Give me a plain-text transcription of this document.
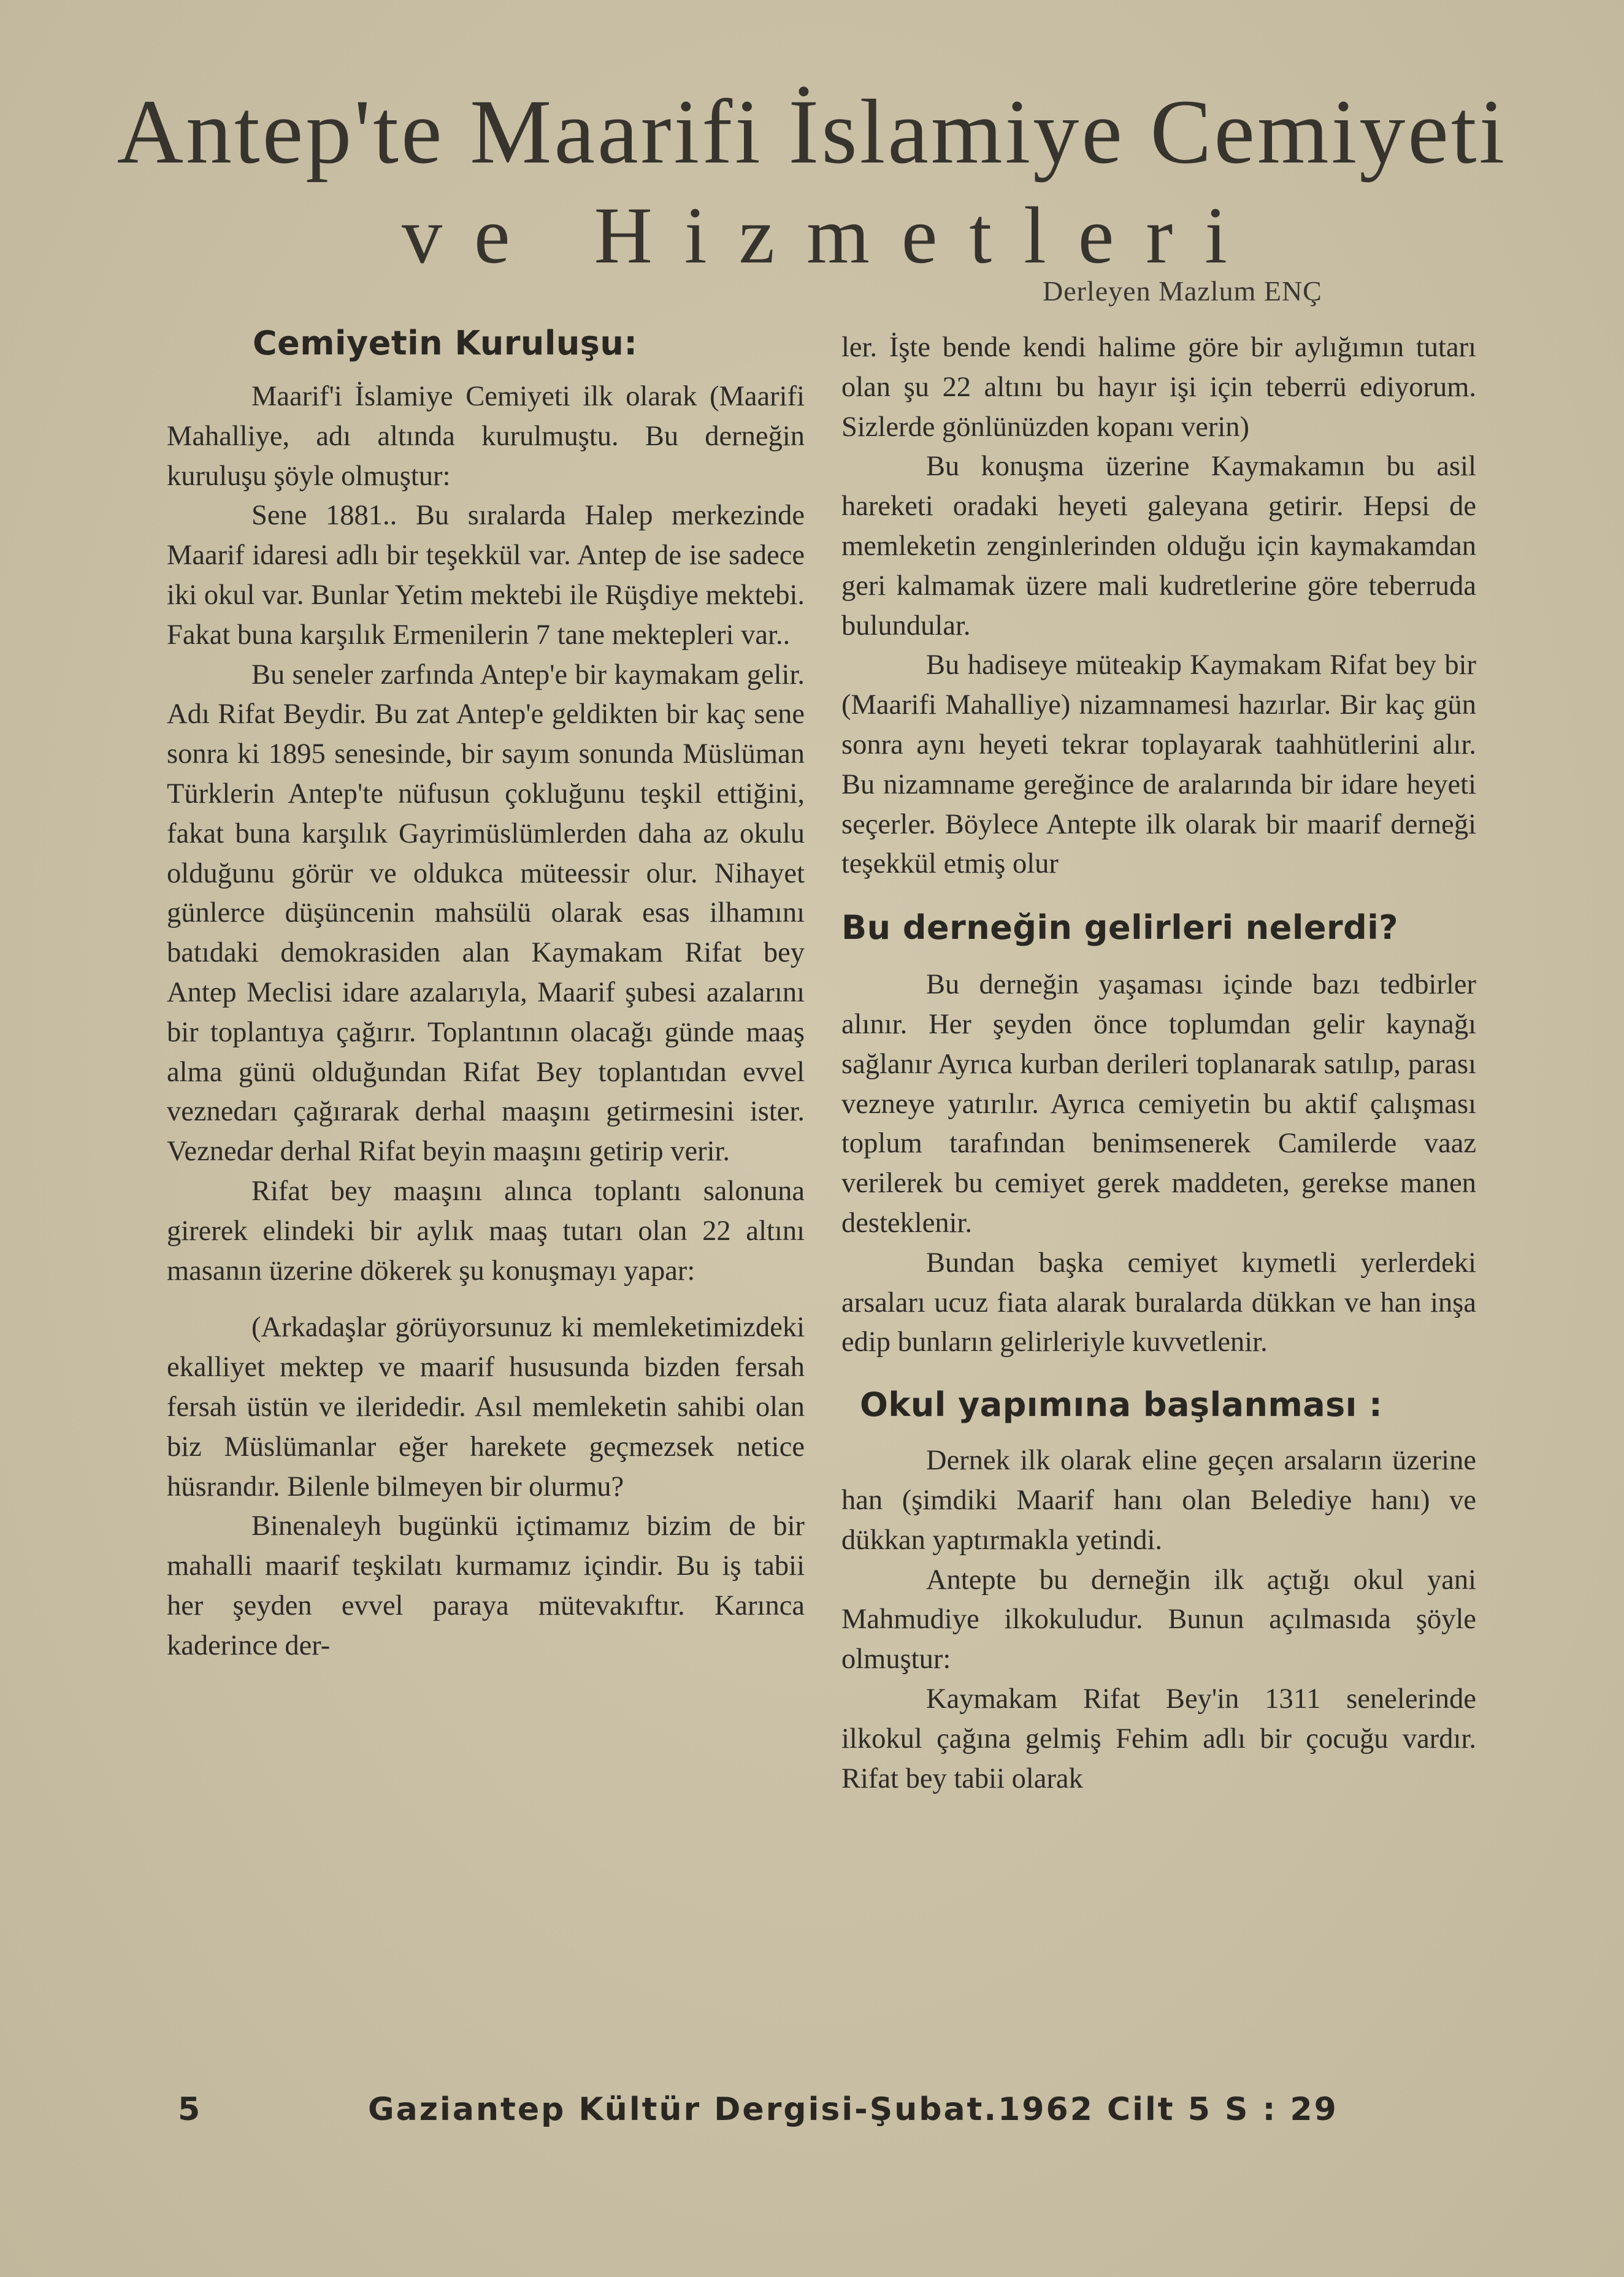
Antep'te Maarifi İslamiye Cemiyeti
ve Hizmetleri
Derleyen Mazlum ENÇ
Cemiyetin Kuruluşu:

Maarif'i İslamiye Cemiyeti ilk olarak (Maarifi Mahalliye, adı altında kurulmuştu. Bu derneğin kuruluşu şöyle olmuştur:

Sene 1881.. Bu sıralarda Halep merkezinde Maarif idaresi adlı bir teşekkül var. Antep de ise sadece iki okul var. Bunlar Yetim mektebi ile Rüşdiye mektebi. Fakat buna karşılık Ermenilerin 7 tane mektepleri var..

Bu seneler zarfında Antep'e bir kaymakam gelir. Adı Rifat Beydir. Bu zat Antep'e geldikten bir kaç sene sonra ki 1895 senesinde, bir sayım sonunda Müslüman Türklerin Antep'te nüfusun çokluğunu teşkil ettiğini, fakat buna karşılık Gayrimüslümlerden daha az okulu olduğunu görür ve oldukca müteessir olur. Nihayet günlerce düşüncenin mahsülü olarak esas ilhamını batıdaki demokrasiden alan Kaymakam Rifat bey Antep Meclisi idare azalarıyla, Maarif şubesi azalarını bir toplantıya çağırır. Toplantının olacağı günde maaş alma günü olduğundan Rifat Bey toplantıdan evvel veznedarı çağırarak derhal maaşını getirmesini ister. Veznedar derhal Rifat beyin maaşını getirip verir.

Rifat bey maaşını alınca toplantı salonuna girerek elindeki bir aylık maaş tutarı olan 22 altını masanın üzerine dökerek şu konuşmayı yapar:

(Arkadaşlar görüyorsunuz ki memleketimizdeki ekalliyet mektep ve maarif hususunda bizden fersah fersah üstün ve ileridedir. Asıl memleketin sahibi olan biz Müslümanlar eğer harekete geçmezsek netice hüsrandır. Bilenle bilmeyen bir olurmu?

Binenaleyh bugünkü içtimamız bizim de bir mahalli maarif teşkilatı kurmamız içindir. Bu iş tabii her şeyden evvel paraya mütevakıftır. Karınca kaderince der-

ler. İşte bende kendi halime göre bir aylığımın tutarı olan şu 22 altını bu hayır işi için teberrü ediyorum. Sizlerde gönlünüzden kopanı verin)

Bu konuşma üzerine Kaymakamın bu asil hareketi oradaki heyeti galeyana getirir. Hepsi de memleketin zenginlerinden olduğu için kaymakamdan geri kalmamak üzere mali kudretlerine göre teberruda bulundular.

Bu hadiseye müteakip Kaymakam Rifat bey bir (Maarifi Mahalliye) nizamnamesi hazırlar. Bir kaç gün sonra aynı heyeti tekrar toplayarak taahhütlerini alır. Bu nizamname gereğince de aralarında bir idare heyeti seçerler. Böylece Antepte ilk olarak bir maarif derneği teşekkül etmiş olur

Bu derneğin gelirleri nelerdi?

Bu derneğin yaşaması içinde bazı tedbirler alınır. Her şeyden önce toplumdan gelir kaynağı sağlanır Ayrıca kurban derileri toplanarak satılıp, parası vezneye yatırılır. Ayrıca cemiyetin bu aktif çalışması toplum tarafından benimsenerek Camilerde vaaz verilerek bu cemiyet gerek maddeten, gerekse manen desteklenir.

Bundan başka cemiyet kıymetli yerlerdeki arsaları ucuz fiata alarak buralarda dükkan ve han inşa edip bunların gelirleriyle kuvvetlenir.

Okul yapımına başlanması :

Dernek ilk olarak eline geçen arsaların üzerine han (şimdiki Maarif hanı olan Belediye hanı) ve dükkan yaptırmakla yetindi.

Antepte bu derneğin ilk açtığı okul yani Mahmudiye ilkokuludur. Bunun açılmasıda şöyle olmuştur:

Kaymakam Rifat Bey'in 1311 senelerinde ilkokul çağına gelmiş Fehim adlı bir çocuğu vardır. Rifat bey tabii olarak

5	Gaziantep Kültür Dergisi-Şubat.1962 Cilt 5 S : 29
